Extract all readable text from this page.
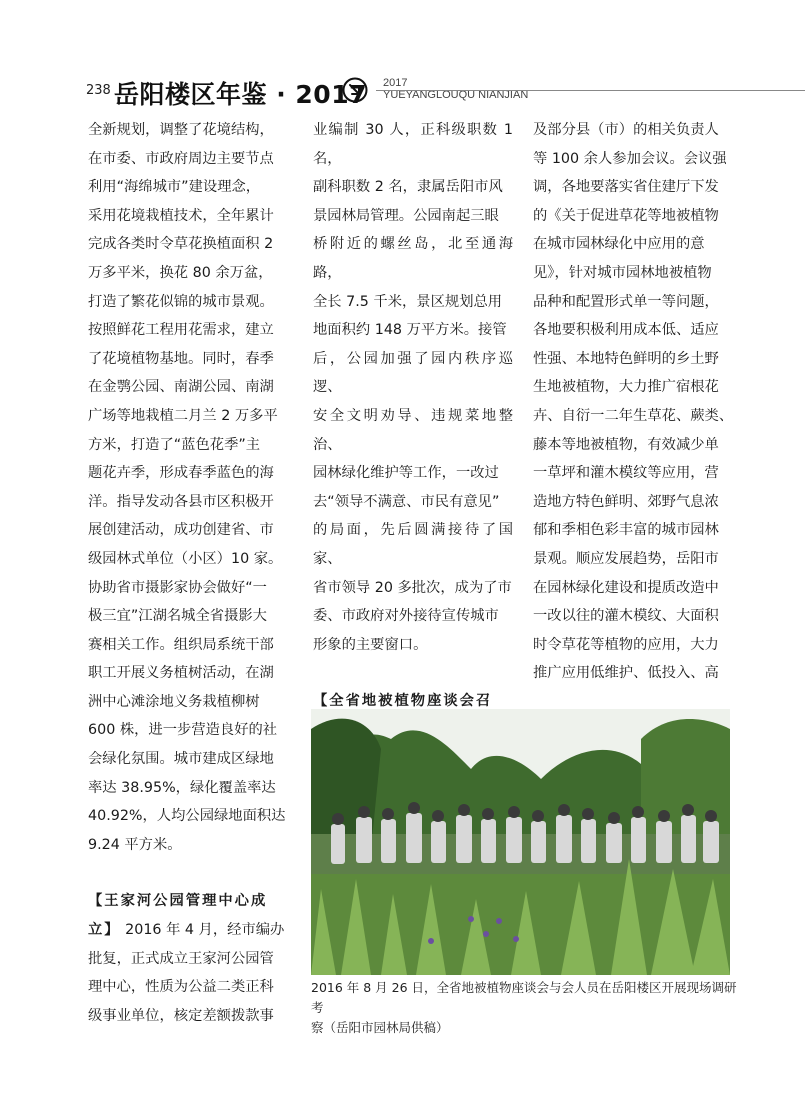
238 岳阳楼区年鉴 · 2017 2017
YUEYANGLOUQU NIANJIAN

全新规划，调整了花境结构，
在市委、市政府周边主要节点
利用“海绵城市”建设理念，
采用花境栽植技术，全年累计
完成各类时令草花换植面积 2
万多平米，换花 80 余万盆，
打造了繁花似锦的城市景观。
按照鲜花工程用花需求，建立
了花境植物基地。同时，春季
在金鹗公园、南湖公园、南湖
广场等地栽植二月兰 2 万多平
方米，打造了“蓝色花季”主
题花卉季，形成春季蓝色的海
洋。指导发动各县市区积极开
展创建活动，成功创建省、市
级园林式单位（小区）10 家。
协助省市摄影家协会做好“一
极三宜”江湖名城全省摄影大
赛相关工作。组织局系统干部
职工开展义务植树活动，在湖
洲中心滩涂地义务栽植柳树
600 株，进一步营造良好的社
会绿化氛围。城市建成区绿地
率达 38.95%，绿化覆盖率达
40.92%，人均公园绿地面积达
9.24 平方米。

【王家河公园管理中心成
立】 2016 年 4 月，经市编办
批复，正式成立王家河公园管
理中心，性质为公益二类正科
级事业单位，核定差额拨款事

业编制 30 人，正科级职数 1 名，
副科职数 2 名，隶属岳阳市风
景园林局管理。公园南起三眼
桥附近的螺丝岛，北至通海路，
全长 7.5 千米，景区规划总用
地面积约 148 万平方米。接管
后，公园加强了园内秩序巡逻、
安全文明劝导、违规菜地整治、
园林绿化维护等工作，一改过
去“领导不满意、市民有意见”
的局面，先后圆满接待了国家、
省市领导 20 多批次，成为了市
委、市政府对外接待宣传城市
形象的主要窗口。

【全省地被植物座谈会召

及部分县（市）的相关负责人
等 100 余人参加会议。会议强
调，各地要落实省住建厅下发
的《关于促进草花等地被植物
在城市园林绿化中应用的意
见》，针对城市园林地被植物
品种和配置形式单一等问题，
各地要积极利用成本低、适应
性强、本地特色鲜明的乡土野
生地被植物，大力推广宿根花
卉、自衍一二年生草花、蕨类、
藤本等地被植物，有效减少单
一草坪和灌木模纹等应用，营
造地方特色鲜明、郊野气息浓
郁和季相色彩丰富的城市园林
景观。顺应发展趋势，岳阳市
在园林绿化建设和提质改造中
一改以往的灌木模纹、大面积
时令草花等植物的应用，大力
推广应用低维护、低投入、高

2016 年 8 月 26 日，全省地被植物座谈会与会人员在岳阳楼区开展现场调研考
察（岳阳市园林局供稿）
